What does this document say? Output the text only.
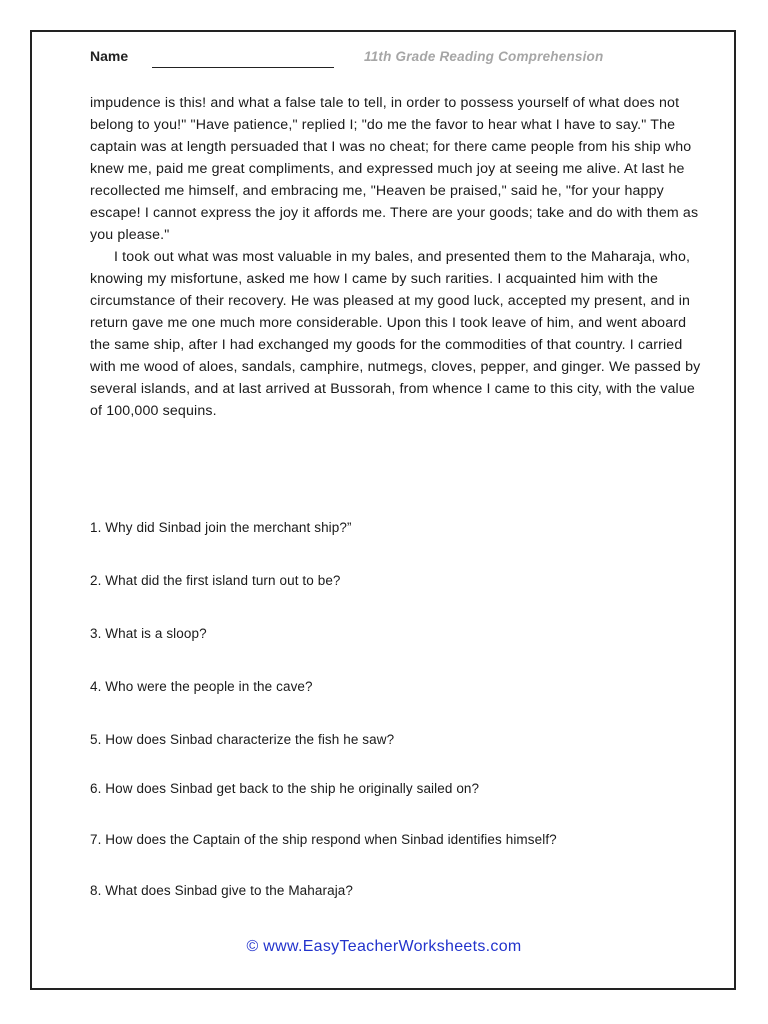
Name	11th Grade Reading Comprehension

impudence is this! and what a false tale to tell, in order to possess yourself of what does not belong to you!" "Have patience," replied I; "do me the favor to hear what I have to say." The captain was at length persuaded that I was no cheat; for there came people from his ship who knew me, paid me great compliments, and expressed much joy at seeing me alive. At last he recollected me himself, and embracing me, "Heaven be praised," said he, "for your happy escape! I cannot express the joy it affords me. There are your goods; take and do with them as you please."

I took out what was most valuable in my bales, and presented them to the Maharaja, who, knowing my misfortune, asked me how I came by such rarities. I acquainted him with the circumstance of their recovery. He was pleased at my good luck, accepted my present, and in return gave me one much more considerable. Upon this I took leave of him, and went aboard the same ship, after I had exchanged my goods for the commodities of that country. I carried with me wood of aloes, sandals, camphire, nutmegs, cloves, pepper, and ginger. We passed by several islands, and at last arrived at Bussorah, from whence I came to this city, with the value of 100,000 sequins.

1. Why did Sinbad join the merchant ship?”
2. What did the first island turn out to be?
3. What is a sloop?
4. Who were the people in the cave?
5. How does Sinbad characterize the fish he saw?
6. How does Sinbad get back to the ship he originally sailed on?
7. How does the Captain of the ship respond when Sinbad identifies himself?
8. What does Sinbad give to the Maharaja?
© www.EasyTeacherWorksheets.com
